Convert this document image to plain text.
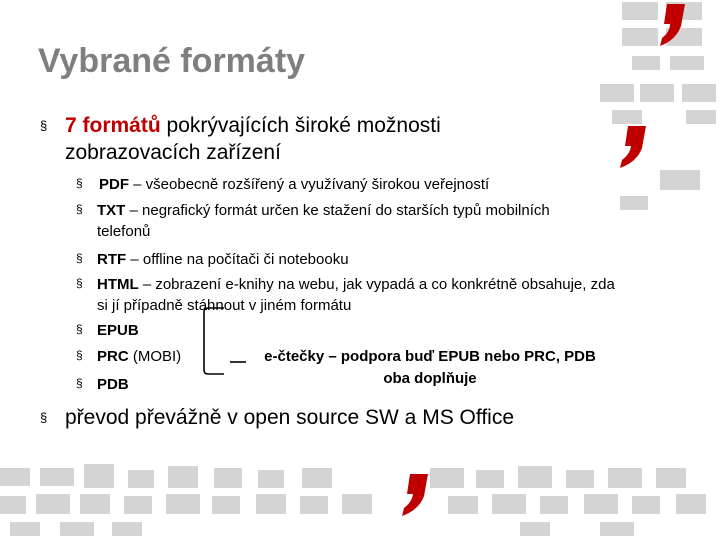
Vybrané formáty
§ 7 formátů pokrývajících široké možnosti zobrazovacích zařízení
§	PDF – všeobecně rozšířený a využívaný širokou veřejností
§ TXT – negrafický formát určen ke stažení do starších typů mobilních telefonů
§ RTF – offline na počítači či notebooku
§ HTML – zobrazení e-knihy na webu, jak vypadá a co konkrétně obsahuje, zda si jí případně stáhnout v jiném formátu
§ EPUB
§ PRC (MOBI)
§ PDB
e-čtečky – podpora buď EPUB nebo PRC, PDB
oba doplňuje
§ převod převážně v open source SW a MS Office
